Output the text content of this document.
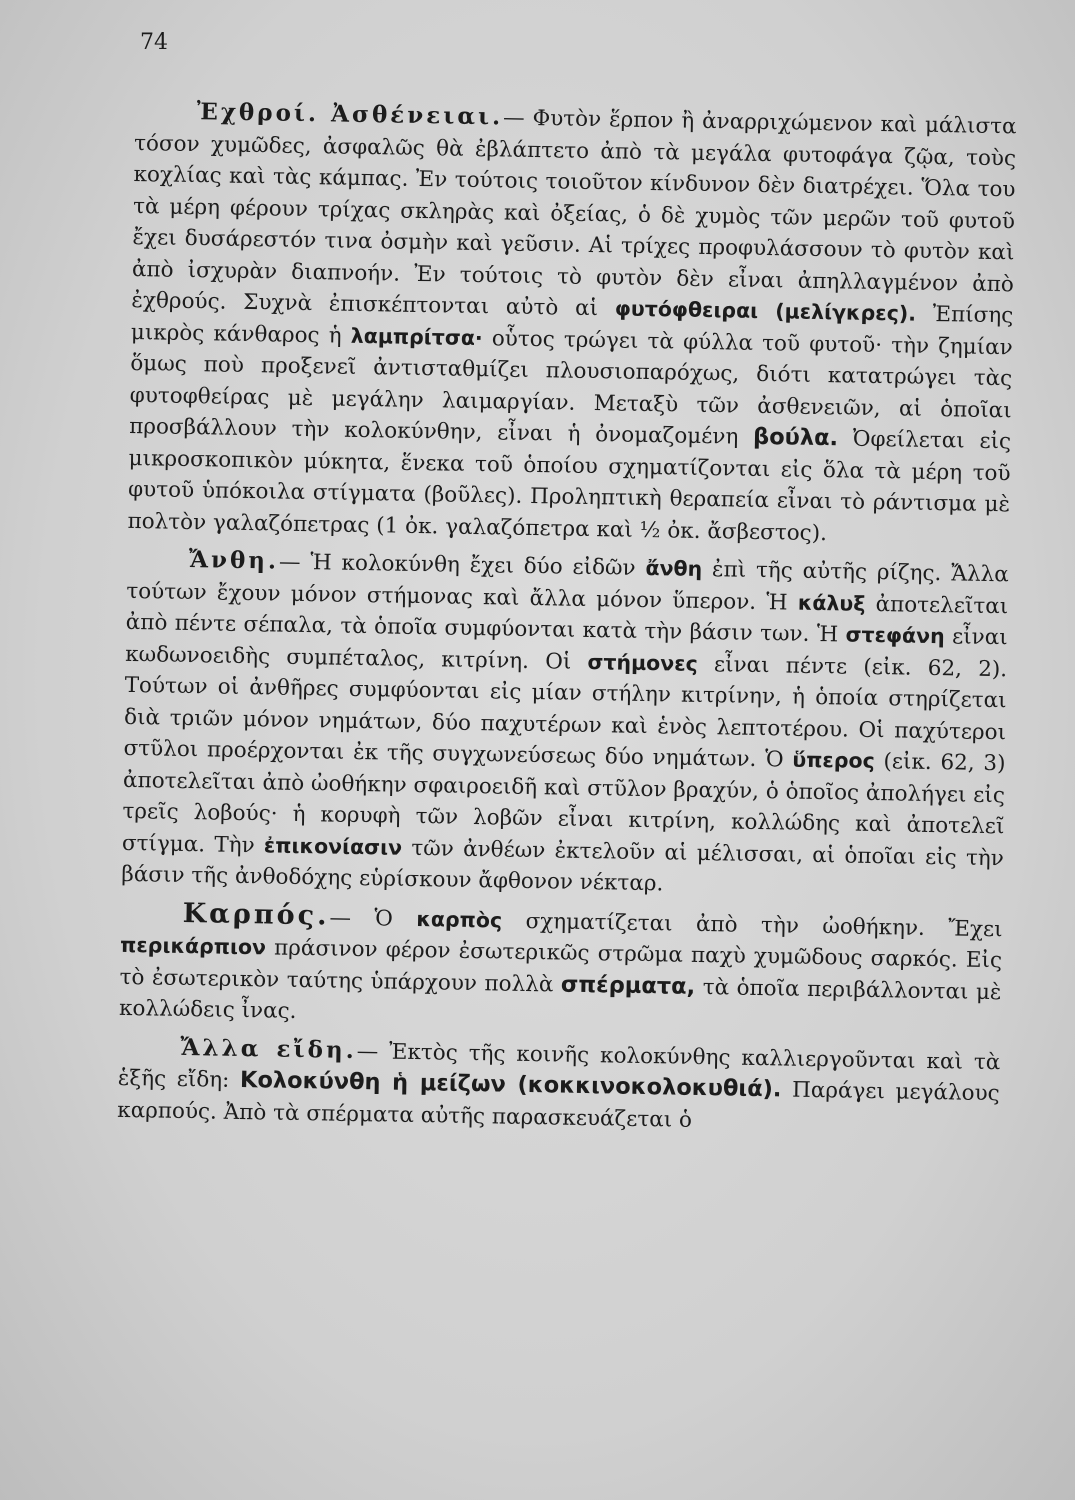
74

Ἐχθροί. Ἀσθένειαι.— Φυτὸν ἕρπον ἢ ἀναρριχώμενον καὶ μάλιστα τόσον χυμῶδες, ἀσφαλῶς θὰ ἐβλάπτετο ἀπὸ τὰ μεγάλα φυτοφάγα ζῷα, τοὺς κοχλίας καὶ τὰς κάμπας. Ἐν τούτοις τοιοῦτον κίνδυνον δὲν διατρέχει. Ὅλα του τὰ μέρη φέρουν τρίχας σκληρὰς καὶ ὀξείας, ὁ δὲ χυμὸς τῶν μερῶν τοῦ φυτοῦ ἔχει δυσάρεστόν τινα ὀσμὴν καὶ γεῦσιν. Αἱ τρίχες προφυλάσσουν τὸ φυτὸν καὶ ἀπὸ ἰσχυρὰν διαπνοήν. Ἐν τούτοις τὸ φυτὸν δὲν εἶναι ἀπηλλαγμένον ἀπὸ ἐχθρούς. Συχνὰ ἐπισκέπτονται αὐτὸ αἱ φυτόφθειραι (μελίγκρες). Ἐπίσης μικρὸς κάνθαρος ἡ λαμπρίτσα· οὗτος τρώγει τὰ φύλλα τοῦ φυτοῦ· τὴν ζημίαν ὅμως ποὺ προξενεῖ ἀντισταθμίζει πλουσιοπαρόχως, διότι κατατρώγει τὰς φυτοφθείρας μὲ μεγάλην λαιμαργίαν. Μεταξὺ τῶν ἀσθενειῶν, αἱ ὁποῖαι προσβάλλουν τὴν κολοκύνθην, εἶναι ἡ ὀνομαζομένη βούλα. Ὀφείλεται εἰς μικροσκοπικὸν μύκητα, ἕνεκα τοῦ ὁποίου σχηματίζονται εἰς ὅλα τὰ μέρη τοῦ φυτοῦ ὑπόκοιλα στίγματα (βοῦλες). Προληπτικὴ θεραπεία εἶναι τὸ ράντισμα μὲ πολτὸν γαλαζόπετρας (1 ὀκ. γαλαζόπετρα καὶ ½ ὀκ. ἄσβεστος).

Ἄνθη.— Ἡ κολοκύνθη ἔχει δύο εἰδῶν ἄνθη ἐπὶ τῆς αὐτῆς ρίζης. Ἄλλα τούτων ἔχουν μόνον στήμονας καὶ ἄλλα μόνον ὕπερον. Ἡ κάλυξ ἀποτελεῖται ἀπὸ πέντε σέπαλα, τὰ ὁποῖα συμφύονται κατὰ τὴν βάσιν των. Ἡ στεφάνη εἶναι κωδωνοειδὴς συμπέταλος, κιτρίνη. Οἱ στήμονες εἶναι πέντε (εἰκ. 62, 2). Τούτων οἱ ἀνθῆρες συμφύονται εἰς μίαν στήλην κιτρίνην, ἡ ὁποία στηρίζεται διὰ τριῶν μόνον νημάτων, δύο παχυτέρων καὶ ἑνὸς λεπτοτέρου. Οἱ παχύτεροι στῦλοι προέρχονται ἐκ τῆς συγχωνεύσεως δύο νημάτων. Ὁ ὕπερος (εἰκ. 62, 3) ἀποτελεῖται ἀπὸ ὠοθήκην σφαιροειδῆ καὶ στῦλον βραχύν, ὁ ὁποῖος ἀπολήγει εἰς τρεῖς λοβούς· ἡ κορυφὴ τῶν λοβῶν εἶναι κιτρίνη, κολλώδης καὶ ἀποτελεῖ στίγμα. Τὴν ἐπικονίασιν τῶν ἀνθέων ἐκτελοῦν αἱ μέλισσαι, αἱ ὁποῖαι εἰς τὴν βάσιν τῆς ἀνθοδόχης εὑρίσκουν ἄφθονον νέκταρ.

Καρπός.— Ὁ καρπὸς σχηματίζεται ἀπὸ τὴν ὠοθήκην. Ἔχει περικάρπιον πράσινον φέρον ἐσωτερικῶς στρῶμα παχὺ χυμῶδους σαρκός. Εἰς τὸ ἐσωτερικὸν ταύτης ὑπάρχουν πολλὰ σπέρματα, τὰ ὁποῖα περιβάλλονται μὲ κολλώδεις ἶνας.

Ἄλλα εἴδη.— Ἐκτὸς τῆς κοινῆς κολοκύνθης καλλιεργοῦνται καὶ τὰ ἑξῆς εἴδη: Κολοκύνθη ἡ μείζων (κοκκινοκολοκυθιά). Παράγει μεγάλους καρπούς. Ἀπὸ τὰ σπέρματα αὐτῆς παρασκευάζεται ὁ
